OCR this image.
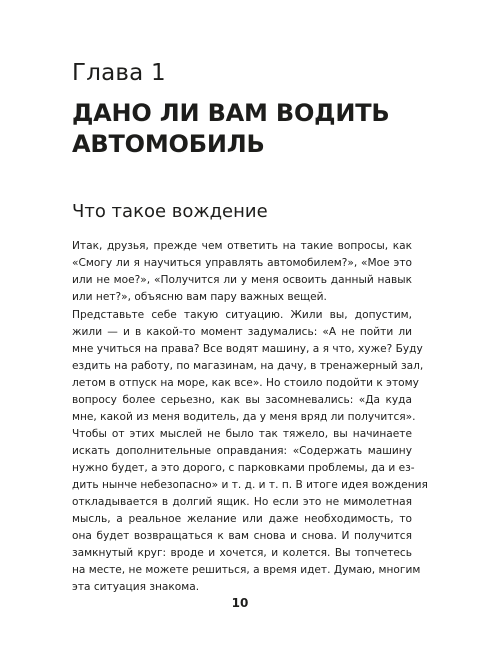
Глава 1
ДАНО ЛИ ВАМ ВОДИТЬ
АВТОМОБИЛЬ
Что такое вождение
Итак, друзья, прежде чем ответить на такие вопросы, как
«Смогу ли я научиться управлять автомобилем?», «Мое это
или не мое?», «Получится ли у меня освоить данный навык
или нет?», объясню вам пару важных вещей.
Представьте себе такую ситуацию. Жили вы, допустим,
жили — и в какой-то момент задумались: «А не пойти ли
мне учиться на права? Все водят машину, а я что, хуже? Буду
ездить на работу, по магазинам, на дачу, в тренажерный зал,
летом в отпуск на море, как все». Но стоило подойти к этому
вопросу более серьезно, как вы засомневались: «Да куда
мне, какой из меня водитель, да у меня вряд ли получится».
Чтобы от этих мыслей не было так тяжело, вы начинаете
искать дополнительные оправдания: «Содержать машину
нужно будет, а это дорого, с парковками проблемы, да и ез-
дить нынче небезопасно» и т. д. и т. п. В итоге идея вождения
откладывается в долгий ящик. Но если это не мимолетная
мысль, а реальное желание или даже необходимость, то
она будет возвращаться к вам снова и снова. И получится
замкнутый круг: вроде и хочется, и колется. Вы топчетесь
на месте, не можете решиться, а время идет. Думаю, многим
эта ситуация знакома.
10
